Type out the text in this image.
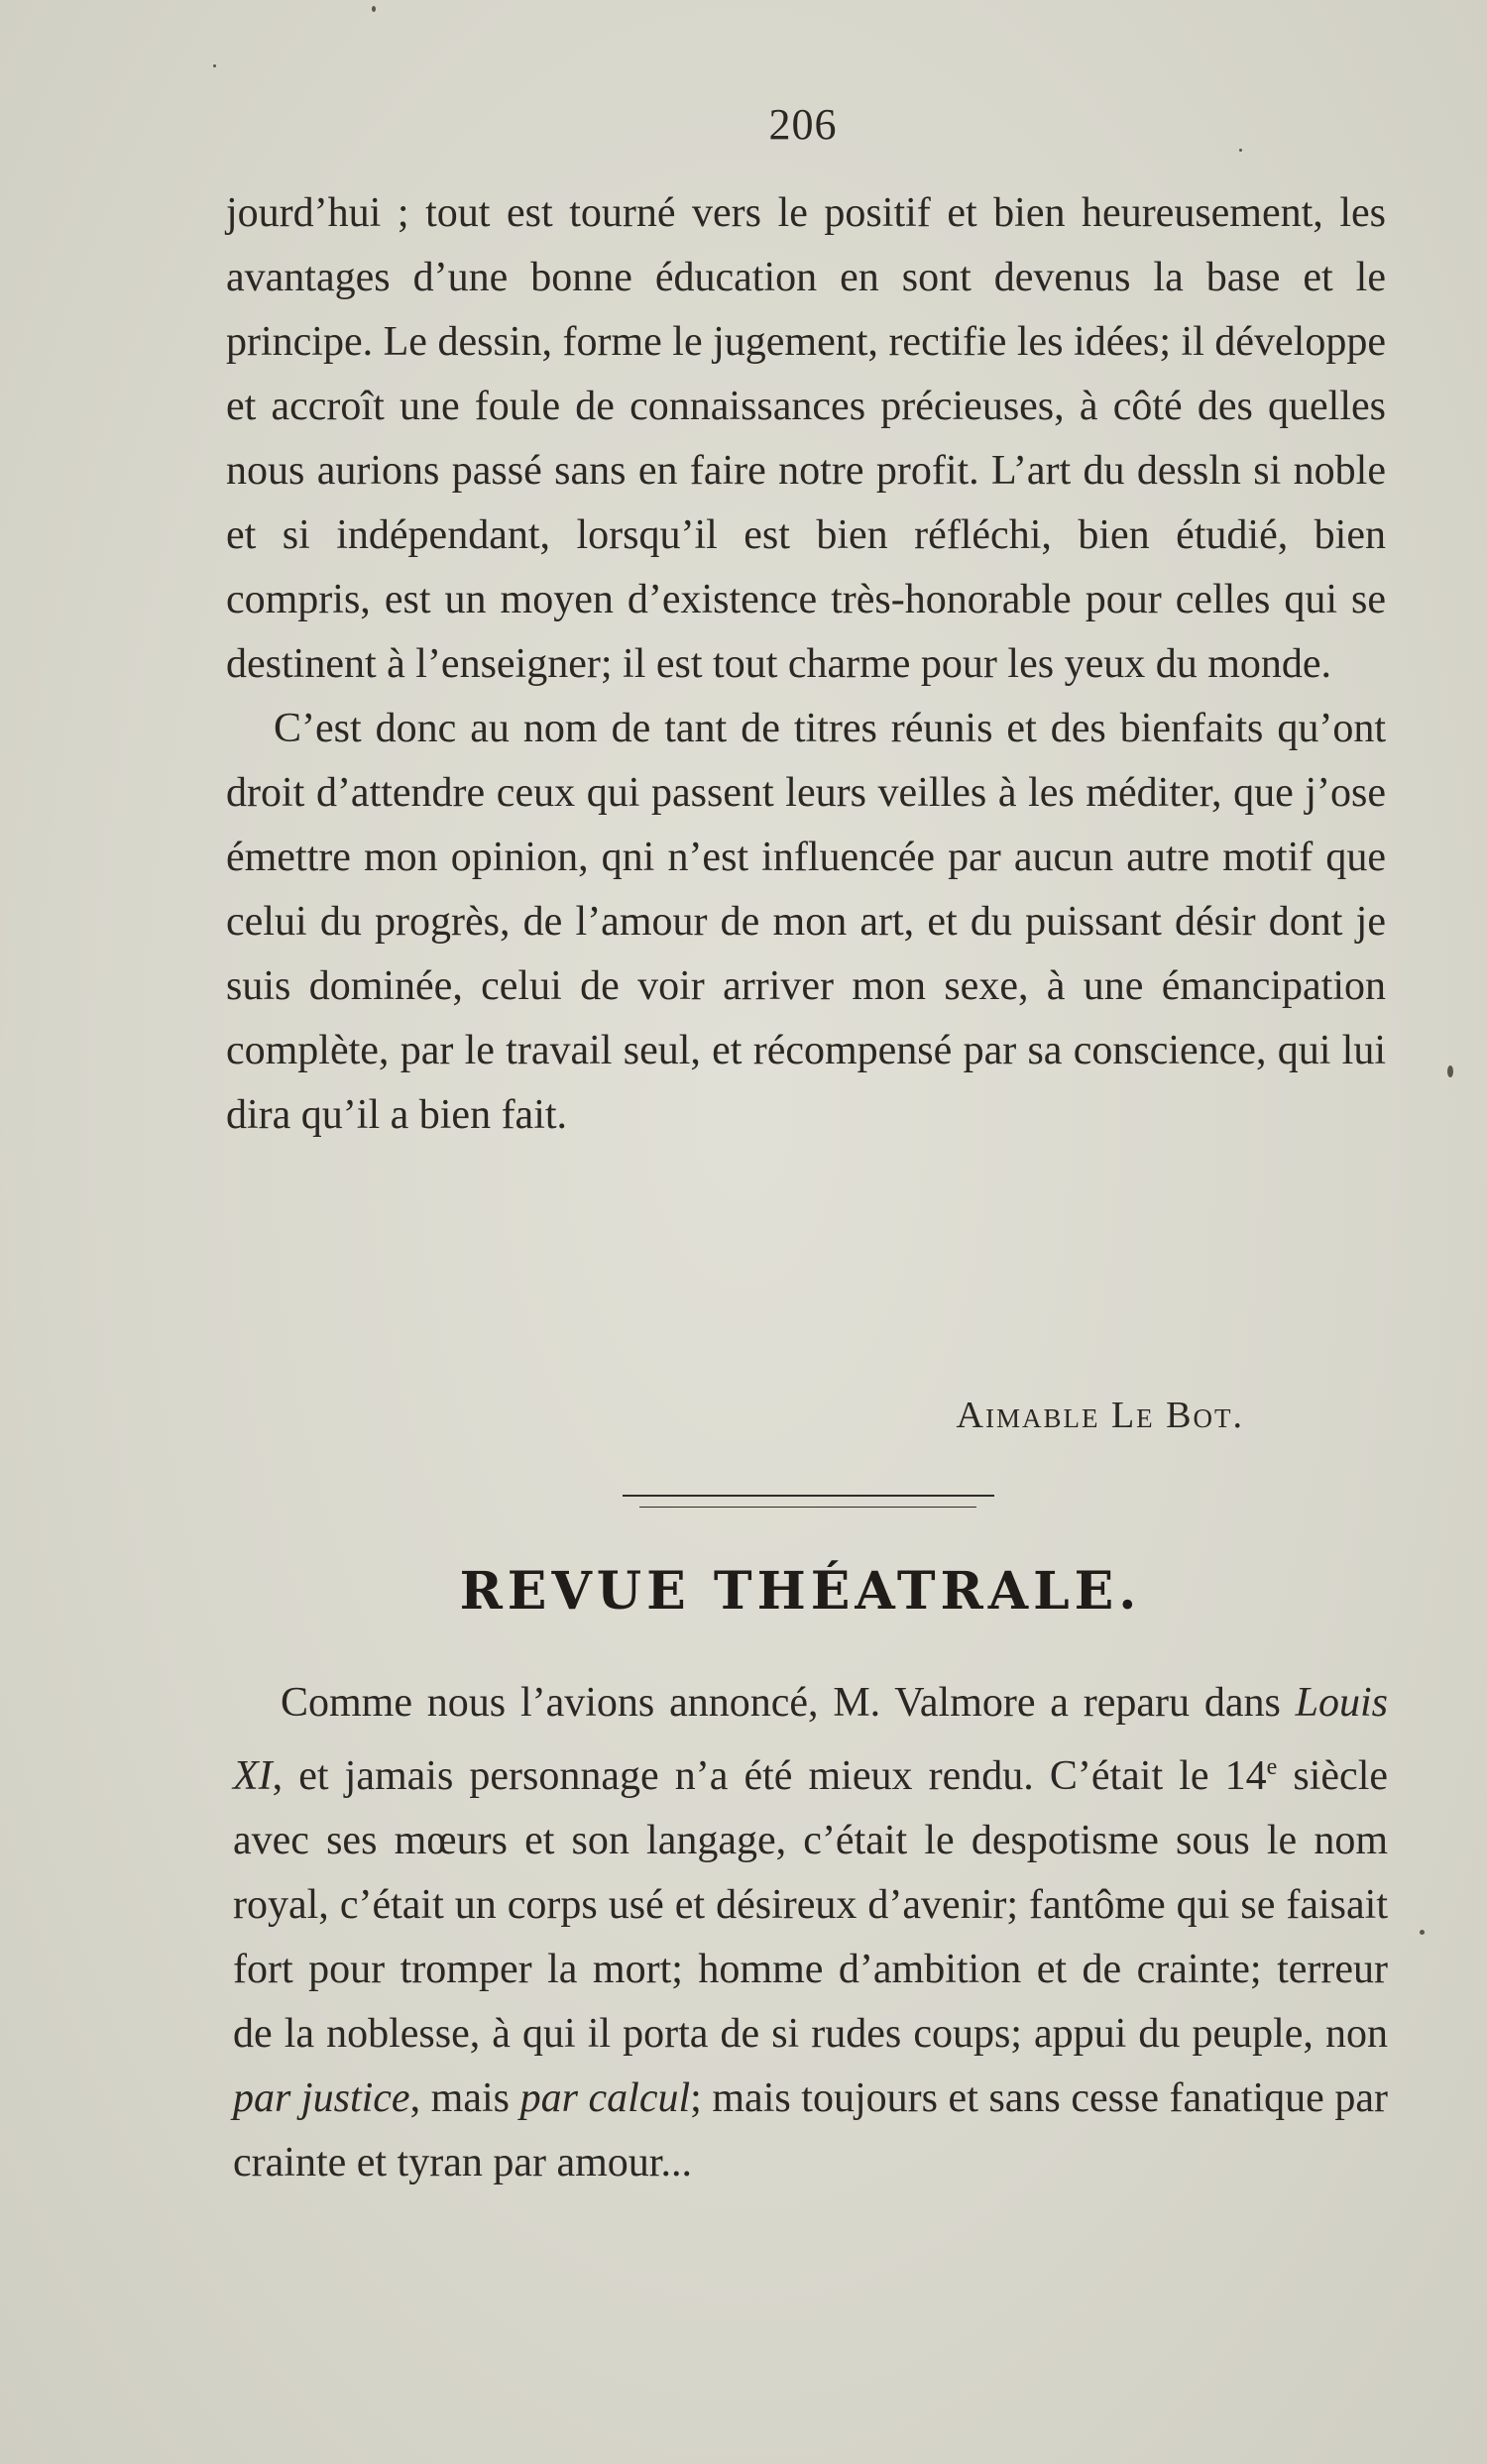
206

jourd’hui ; tout est tourné vers le positif et bien heureusement, les avantages d’une bonne éducation en sont devenus la base et le principe. Le dessin, forme le jugement, rectifie les idées; il développe et accroît une foule de connaissances précieuses, à côté des quelles nous aurions passé sans en faire notre profit. L’art du dessln si noble et si indépendant, lorsqu’il est bien réfléchi, bien étudié, bien compris, est un moyen d’existence très-honorable pour celles qui se destinent à l’enseigner; il est tout charme pour les yeux du monde.

C’est donc au nom de tant de titres réunis et des bienfaits qu’ont droit d’attendre ceux qui passent leurs veilles à les méditer, que j’ose émettre mon opinion, qni n’est influencée par aucun autre motif que celui du progrès, de l’amour de mon art, et du puissant désir dont je suis dominée, celui de voir arriver mon sexe, à une émancipation complète, par le travail seul, et récompensé par sa conscience, qui lui dira qu’il a bien fait.

Aimable Le Bot.
REVUE THÉATRALE.

Comme nous l’avions annoncé, M. Valmore a reparu dans Louis XI, et jamais personnage n’a été mieux rendu. C’était le 14e siècle avec ses mœurs et son langage, c’était le despotisme sous le nom royal, c’était un corps usé et désireux d’avenir; fantôme qui se faisait fort pour tromper la mort; homme d’ambition et de crainte; terreur de la noblesse, à qui il porta de si rudes coups; appui du peuple, non par justice, mais par calcul; mais toujours et sans cesse fanatique par crainte et tyran par amour...
